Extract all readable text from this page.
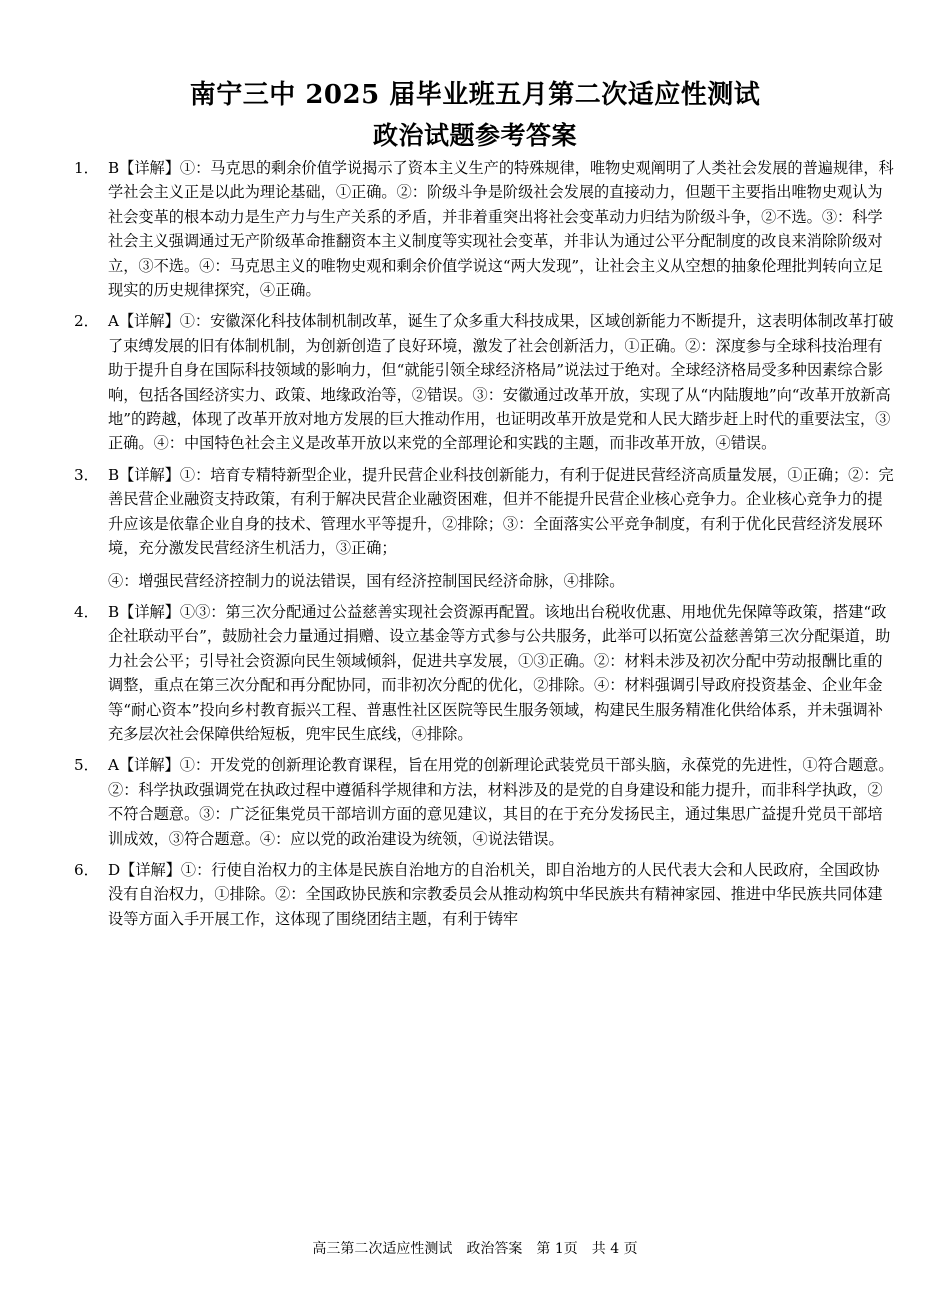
南宁三中 2025 届毕业班五月第二次适应性测试
政治试题参考答案
1． B【详解】①：马克思的剩余价值学说揭示了资本主义生产的特殊规律，唯物史观阐明了人类社会发展的普遍规律，科学社会主义正是以此为理论基础，①正确。②：阶级斗争是阶级社会发展的直接动力，但题干主要指出唯物史观认为社会变革的根本动力是生产力与生产关系的矛盾，并非着重突出将社会变革动力归结为阶级斗争，②不选。③：科学社会主义强调通过无产阶级革命推翻资本主义制度等实现社会变革，并非认为通过公平分配制度的改良来消除阶级对立，③不选。④：马克思主义的唯物史观和剩余价值学说这“两大发现”，让社会主义从空想的抽象伦理批判转向立足现实的历史规律探究，④正确。
2． A【详解】①：安徽深化科技体制机制改革，诞生了众多重大科技成果，区域创新能力不断提升，这表明体制改革打破了束缚发展的旧有体制机制，为创新创造了良好环境，激发了社会创新活力，①正确。②：深度参与全球科技治理有助于提升自身在国际科技领域的影响力，但“就能引领全球经济格局”说法过于绝对。全球经济格局受多种因素综合影响，包括各国经济实力、政策、地缘政治等，②错误。③：安徽通过改革开放，实现了从“内陆腹地”向“改革开放新高地”的跨越，体现了改革开放对地方发展的巨大推动作用，也证明改革开放是党和人民大踏步赶上时代的重要法宝，③正确。④：中国特色社会主义是改革开放以来党的全部理论和实践的主题，而非改革开放，④错误。
3． B【详解】①：培育专精特新型企业，提升民营企业科技创新能力，有利于促进民营经济高质量发展，①正确；②：完善民营企业融资支持政策，有利于解决民营企业融资困难，但并不能提升民营企业核心竞争力。企业核心竞争力的提升应该是依靠企业自身的技术、管理水平等提升，②排除；③：全面落实公平竞争制度，有利于优化民营经济发展环境，充分激发民营经济生机活力，③正确；
④：增强民营经济控制力的说法错误，国有经济控制国民经济命脉，④排除。
4． B【详解】①③：第三次分配通过公益慈善实现社会资源再配置。该地出台税收优惠、用地优先保障等政策，搭建“政企社联动平台”，鼓励社会力量通过捐赠、设立基金等方式参与公共服务，此举可以拓宽公益慈善第三次分配渠道，助力社会公平；引导社会资源向民生领域倾斜，促进共享发展，①③正确。②：材料未涉及初次分配中劳动报酬比重的调整，重点在第三次分配和再分配协同，而非初次分配的优化，②排除。④：材料强调引导政府投资基金、企业年金等“耐心资本”投向乡村教育振兴工程、普惠性社区医院等民生服务领域，构建民生服务精准化供给体系，并未强调补充多层次社会保障供给短板，兜牢民生底线，④排除。
5． A【详解】①：开发党的创新理论教育课程，旨在用党的创新理论武装党员干部头脑，永葆党的先进性，①符合题意。②：科学执政强调党在执政过程中遵循科学规律和方法，材料涉及的是党的自身建设和能力提升，而非科学执政，②不符合题意。③：广泛征集党员干部培训方面的意见建议，其目的在于充分发扬民主，通过集思广益提升党员干部培训成效，③符合题意。④：应以党的政治建设为统领，④说法错误。
6． D【详解】①：行使自治权力的主体是民族自治地方的自治机关，即自治地方的人民代表大会和人民政府，全国政协没有自治权力，①排除。②：全国政协民族和宗教委员会从推动构筑中华民族共有精神家园、推进中华民族共同体建设等方面入手开展工作，这体现了围绕团结主题，有利于铸牢
高三第二次适应性测试　政治答案　第 1页　共 4 页
